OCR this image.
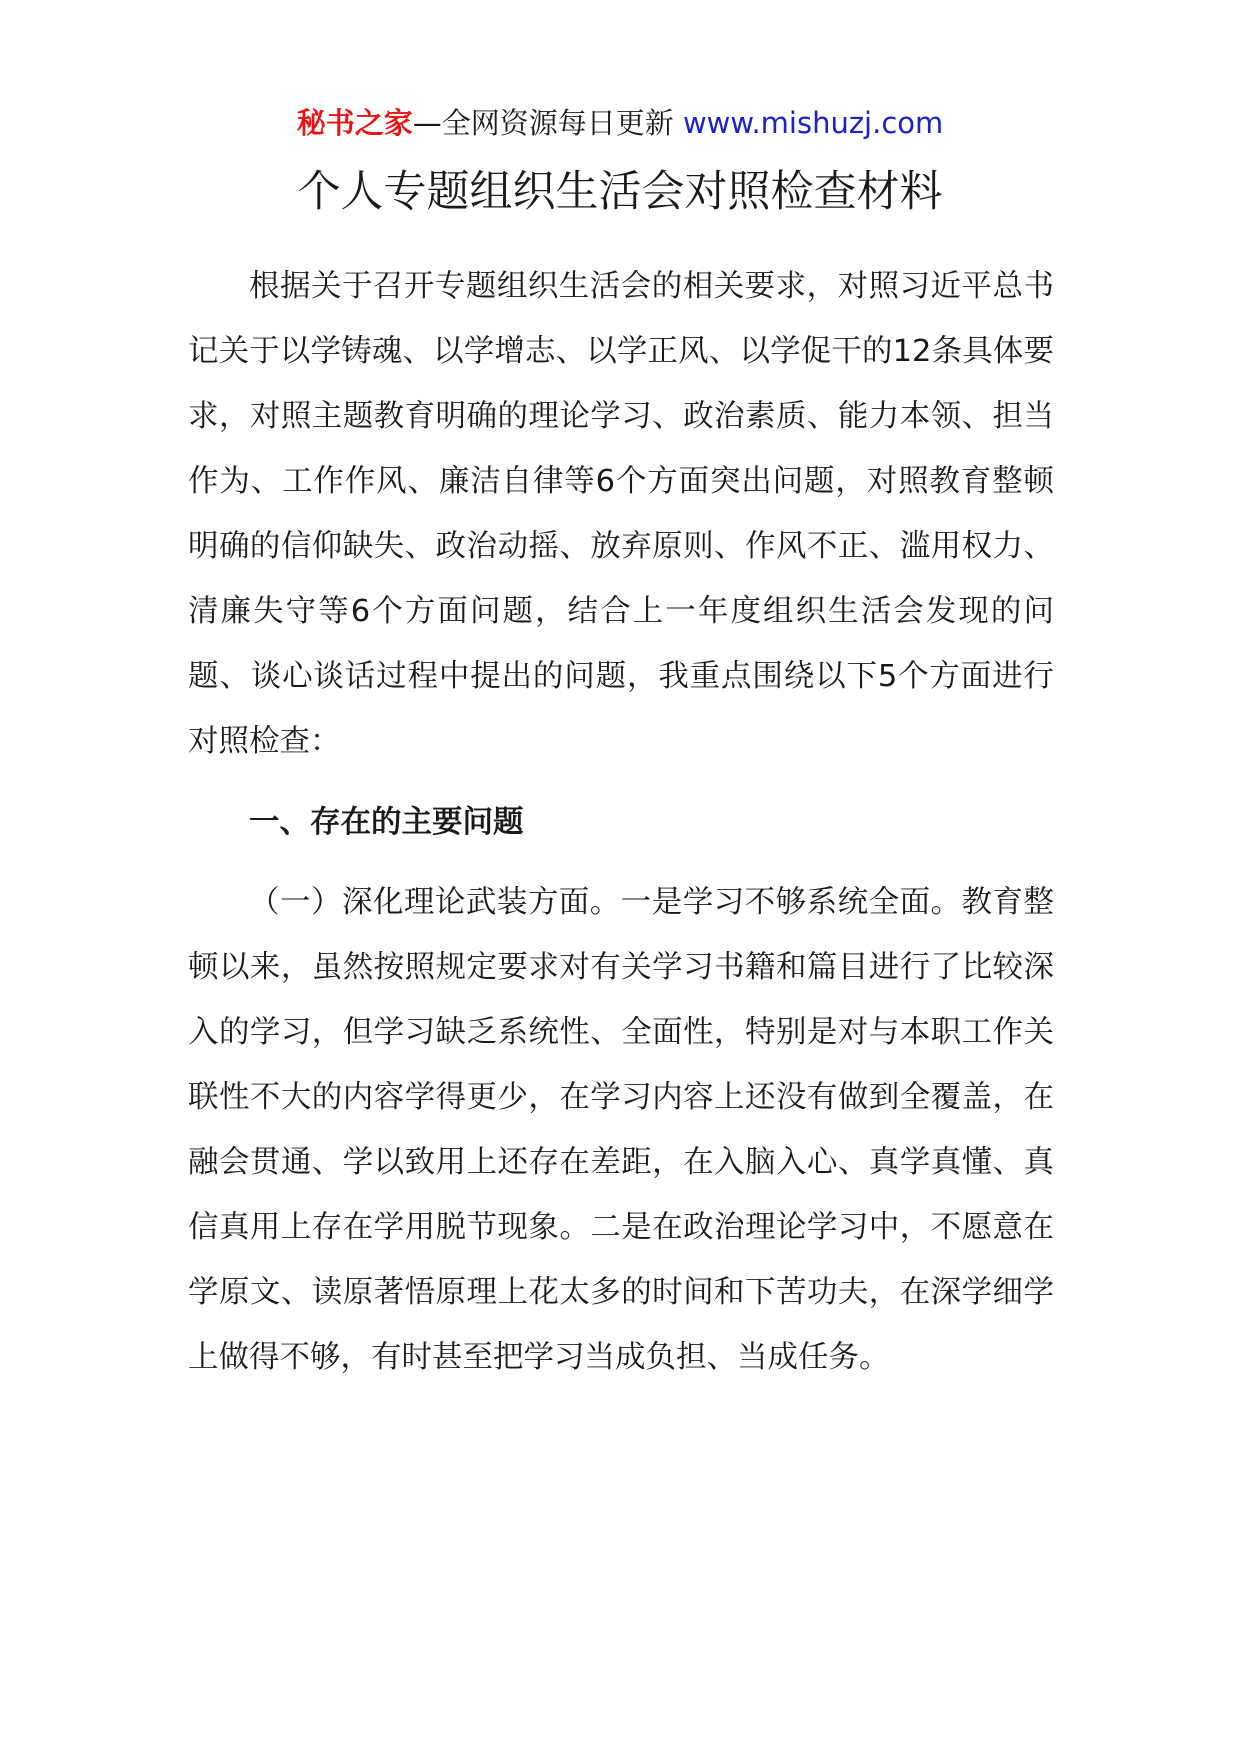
秘书之家—全网资源每日更新 www.mishuzj.com
个人专题组织生活会对照检查材料

根据关于召开专题组织生活会的相关要求，对照习近平总书记关于以学铸魂、以学增志、以学正风、以学促干的12条具体要求，对照主题教育明确的理论学习、政治素质、能力本领、担当作为、工作作风、廉洁自律等6个方面突出问题，对照教育整顿明确的信仰缺失、政治动摇、放弃原则、作风不正、滥用权力、清廉失守等6个方面问题，结合上一年度组织生活会发现的问题、谈心谈话过程中提出的问题，我重点围绕以下5个方面进行对照检查：

一、存在的主要问题

（一）深化理论武装方面。一是学习不够系统全面。教育整顿以来，虽然按照规定要求对有关学习书籍和篇目进行了比较深入的学习，但学习缺乏系统性、全面性，特别是对与本职工作关联性不大的内容学得更少，在学习内容上还没有做到全覆盖，在融会贯通、学以致用上还存在差距，在入脑入心、真学真懂、真信真用上存在学用脱节现象。二是在政治理论学习中，不愿意在学原文、读原著悟原理上花太多的时间和下苦功夫，在深学细学上做得不够，有时甚至把学习当成负担、当成任务。
